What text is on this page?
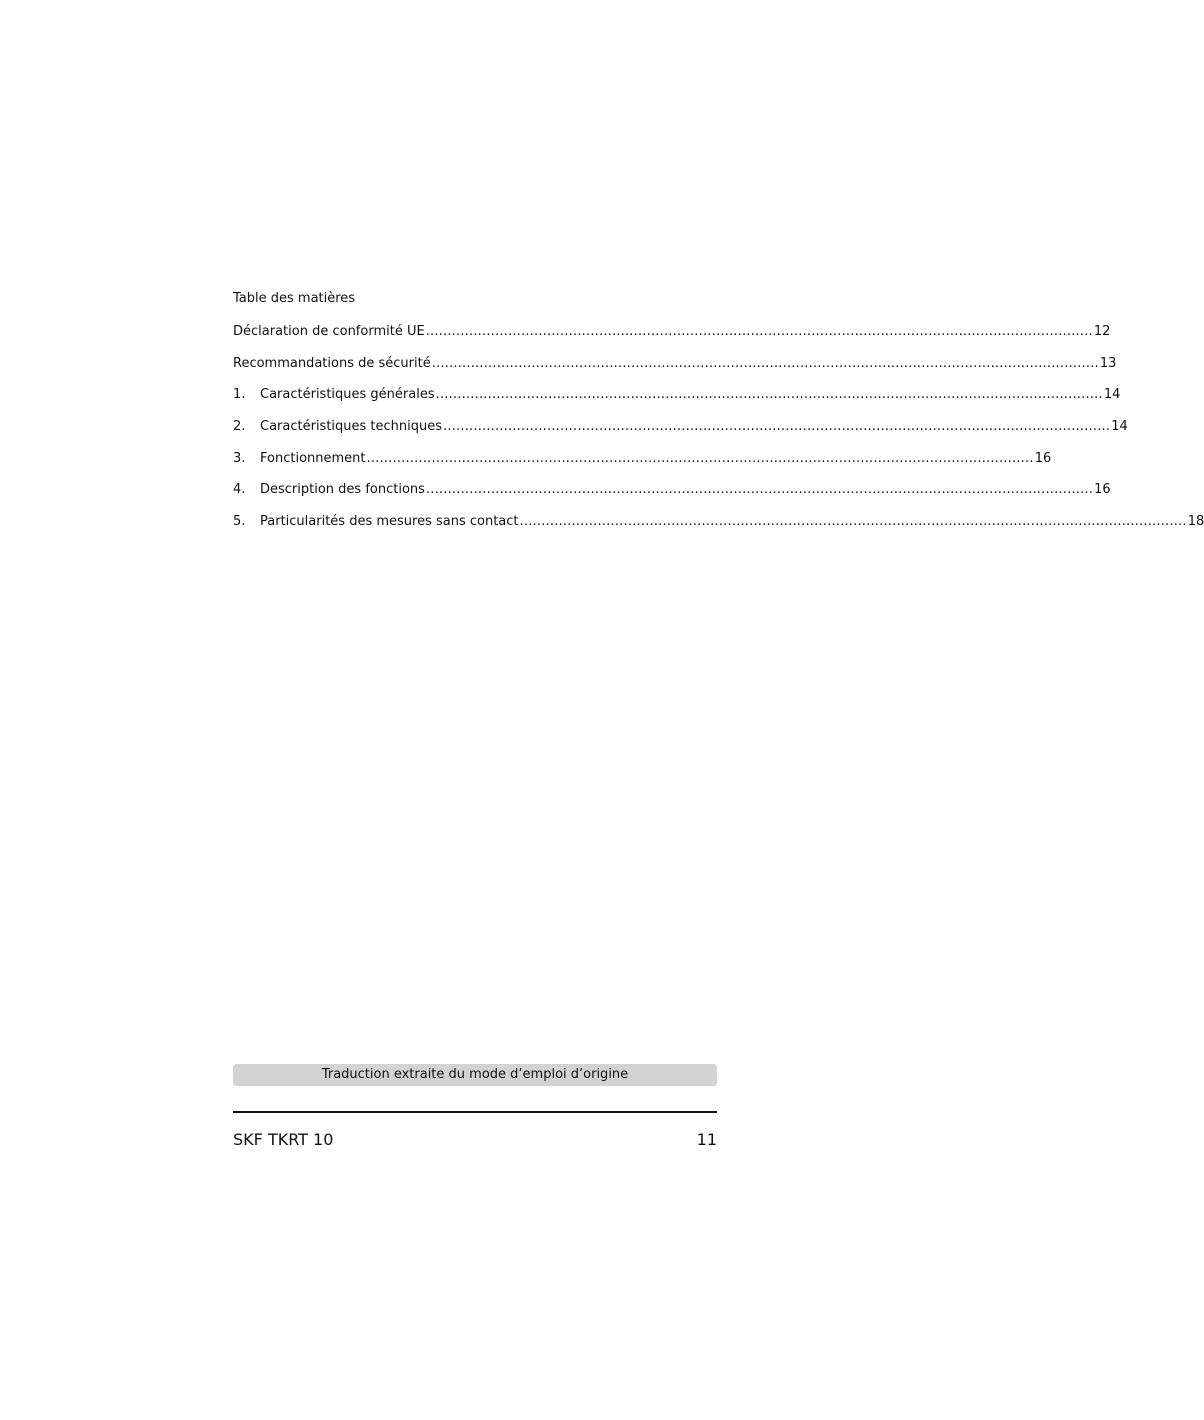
Table des matières
Déclaration de conformité UE .......................................................................................................................................................... 12
Recommandations de sécurité .......................................................................................................................................................... 13
1.	Caractéristiques générales .......................................................................................................................................................... 14
2.	Caractéristiques techniques .......................................................................................................................................................... 14
3.	Fonctionnement .......................................................................................................................................................... 16
4.	Description des fonctions .......................................................................................................................................................... 16
5.	Particularités des mesures sans contact .......................................................................................................................................................... 18
Traduction extraite du mode d’emploi d’origine
SKF TKRT 10	11
